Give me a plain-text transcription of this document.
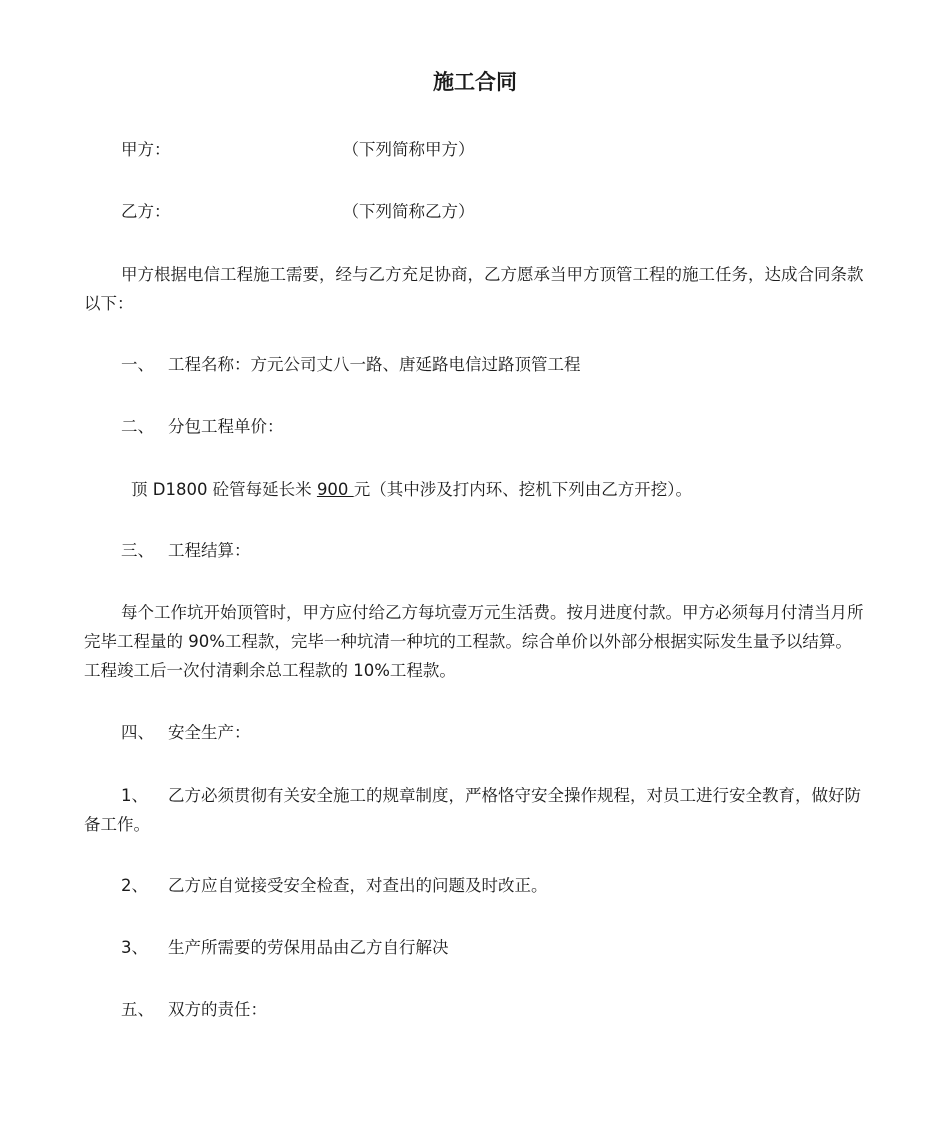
施工合同
甲方：	（下列简称甲方）
乙方：	（下列简称乙方）
甲方根据电信工程施工需要，经与乙方充足协商，乙方愿承当甲方顶管工程的施工任务，达成合同条款以下：
一、 工程名称：方元公司丈八一路、唐延路电信过路顶管工程
二、 分包工程单价：
顶 D1800 砼管每延长米 900 元（其中涉及打内环、挖机下列由乙方开挖）。
三、 工程结算：
每个工作坑开始顶管时，甲方应付给乙方每坑壹万元生活费。按月进度付款。甲方必须每月付清当月所完毕工程量的 90%工程款，完毕一种坑清一种坑的工程款。综合单价以外部分根据实际发生量予以结算。工程竣工后一次付清剩余总工程款的 10%工程款。
四、 安全生产：
1、 乙方必须贯彻有关安全施工的规章制度，严格恪守安全操作规程，对员工进行安全教育，做好防备工作。
2、 乙方应自觉接受安全检查，对查出的问题及时改正。
3、 生产所需要的劳保用品由乙方自行解决
五、 双方的责任：
